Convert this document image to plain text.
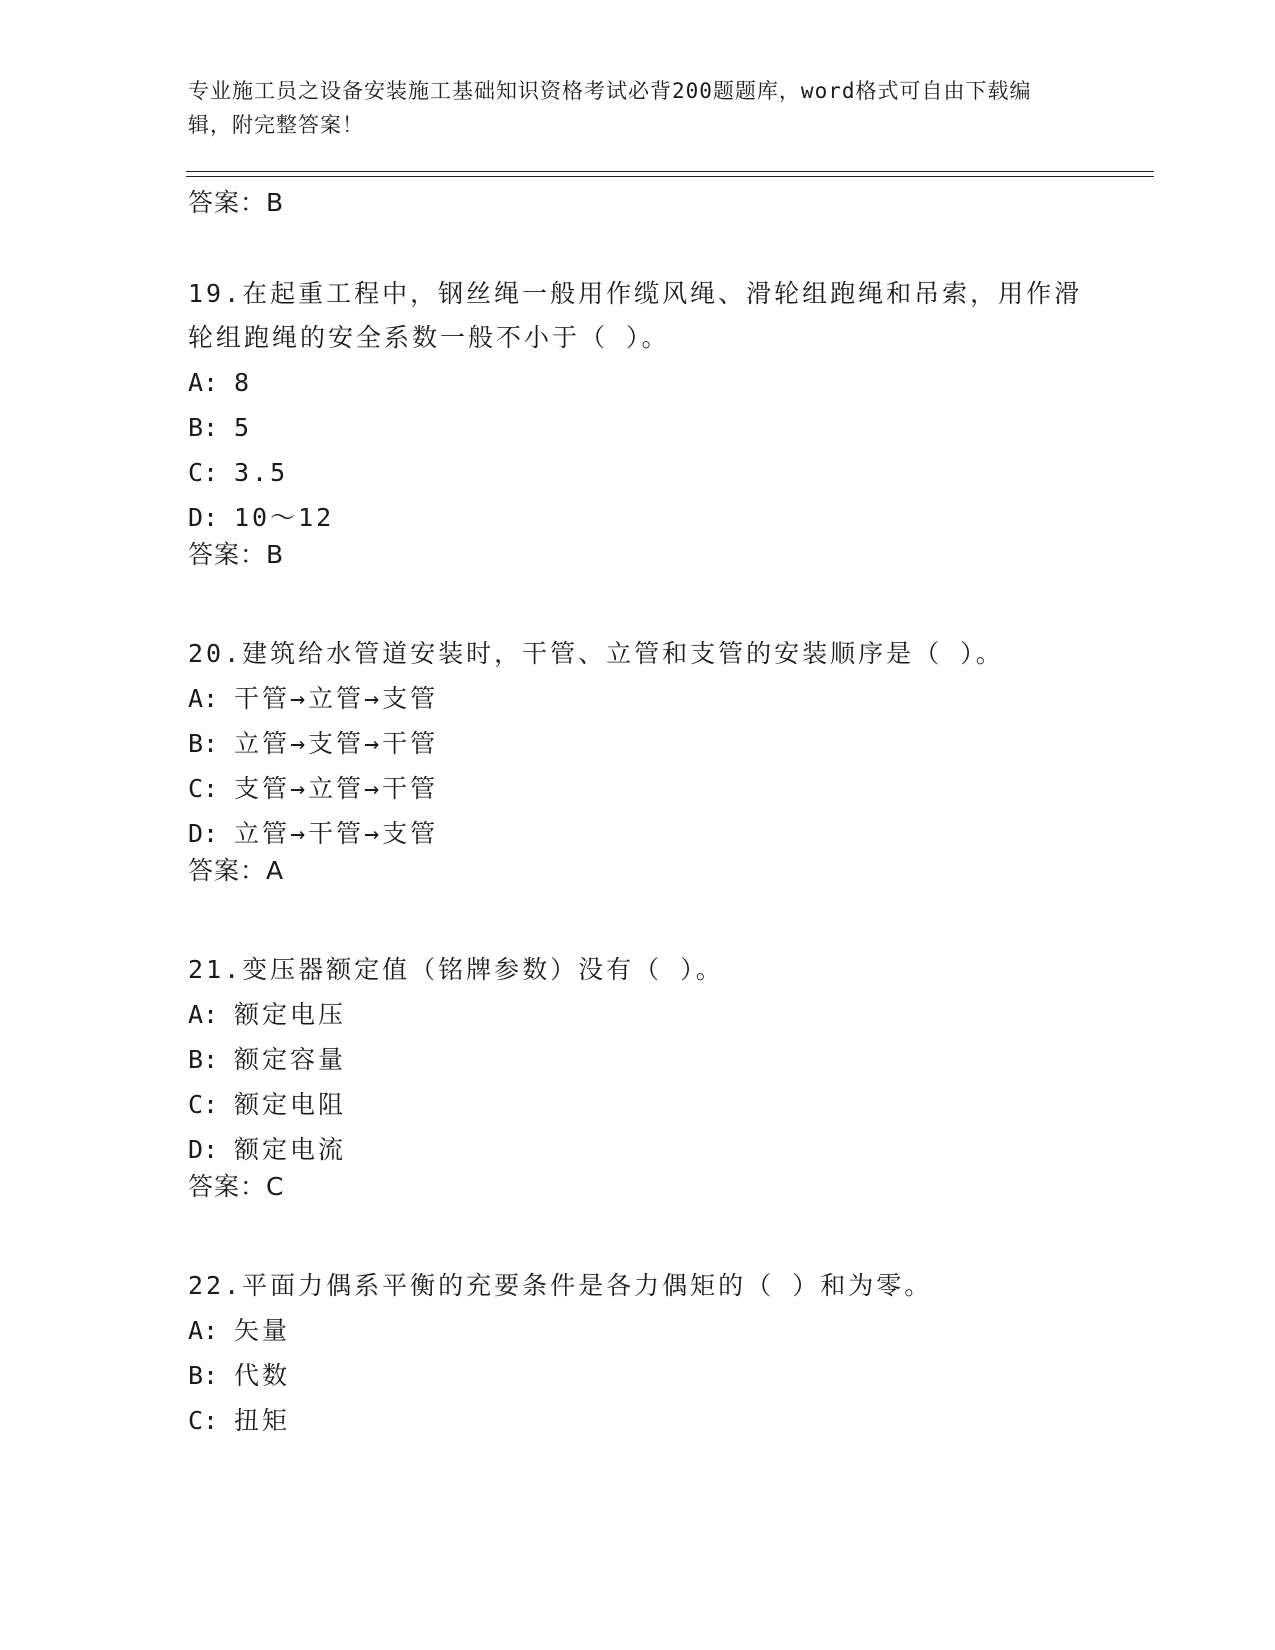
专业施工员之设备安装施工基础知识资格考试必背200题题库，word格式可自由下载编辑，附完整答案！
答案：B
19.在起重工程中，钢丝绳一般用作缆风绳、滑轮组跑绳和吊索，用作滑轮组跑绳的安全系数一般不小于（ ）。
A: 8
B: 5
C: 3.5
D: 10～12
答案：B
20.建筑给水管道安装时，干管、立管和支管的安装顺序是（ ）。
A: 干管→立管→支管
B: 立管→支管→干管
C: 支管→立管→干管
D: 立管→干管→支管
答案：A
21.变压器额定值（铭牌参数）没有（ ）。
A: 额定电压
B: 额定容量
C: 额定电阻
D: 额定电流
答案：C
22.平面力偶系平衡的充要条件是各力偶矩的（ ）和为零。
A: 矢量
B: 代数
C: 扭矩
